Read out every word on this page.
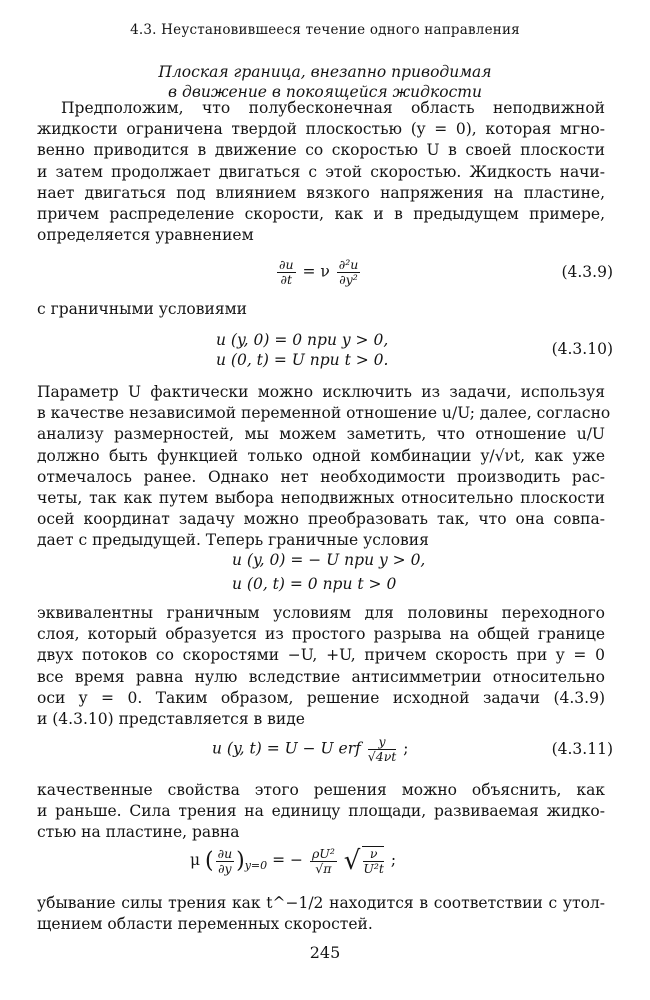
4.3. Неустановившееся течение одного направления
Плоская граница, внезапно приводимая
в движение в покоящейся жидкости
Предположим, что полубесконечная область неподвижной
жидкости ограничена твердой плоскостью (y = 0), которая мгно-
венно приводится в движение со скоростью U в своей плоскости
и затем продолжает двигаться с этой скоростью. Жидкость начи-
нает двигаться под влиянием вязкого напряжения на пластине,
причем распределение скорости, как и в предыдущем примере,
определяется уравнением
$\frac{\partial u}{\partial t} = \nu \frac{\text{∂²u}}{\text{∂y²}}$	(4.3.9)
с граничными условиями
u (y, 0) = 0 при y > 0,
u (0, t) = U при t > 0.
(4.3.10)
Параметр U фактически можно исключить из задачи, используя
в качестве независимой переменной отношение u/U; далее, согласно
анализу размерностей, мы можем заметить, что отношение u/U
должно быть функцией только одной комбинации y/√νt, как уже
отмечалось ранее. Однако нет необходимости производить рас-
четы, так как путем выбора неподвижных относительно плоскости
осей координат задачу можно преобразовать так, что она совпа-
дает с предыдущей. Теперь граничные условия
u (y, 0) = − U при y > 0,
u (0, t) = 0 при t > 0
эквивалентны граничным условиям для половины переходного
слоя, который образуется из простого разрыва на общей границе
двух потоков со скоростями −U, +U, причем скорость при y = 0
все время равна нулю вследствие антисимметрии относительно
оси y = 0. Таким образом, решение исходной задачи (4.3.9)
и (4.3.10) представляется в виде
u (y, t) = U − U erf $\frac{y}{√4\nu t}$ ;	(4.3.11)
качественные свойства этого решения можно объяснить, как
и раньше. Сила трения на единицу площади, развиваемая жидко-
стью на пластине, равна
μ ( $\frac{\partial u}{\partial y} )_{y=0}$ = − $\frac{\text{ρU²}}{√\pi}$ √ $\frac{\nu}{\text{U²t}}$ ;
убывание силы трения как t^−1/2 находится в соответствии с утол-
щением области переменных скоростей.
245
